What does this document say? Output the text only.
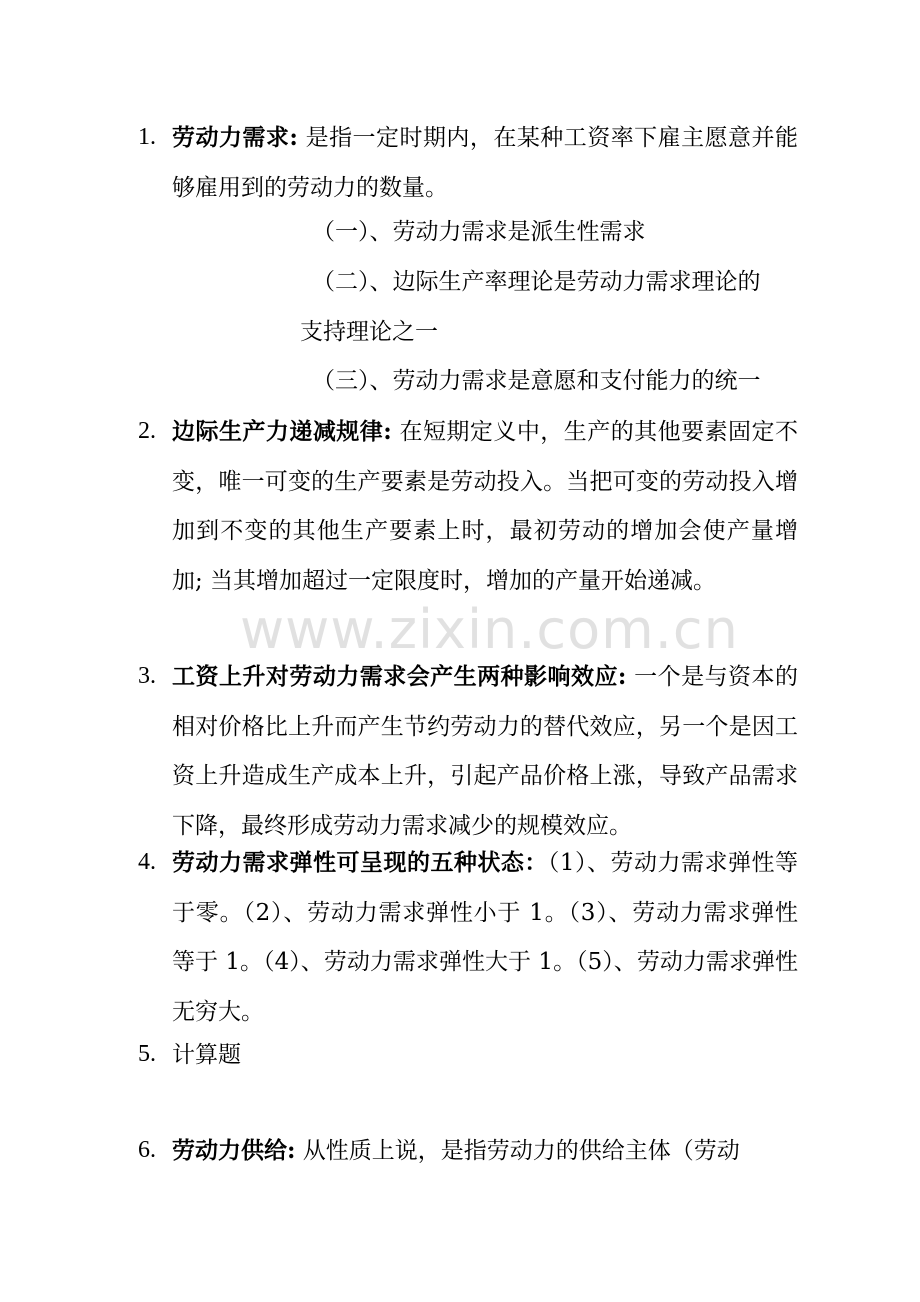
1. 劳动力需求: 是指一定时期内，在某种工资率下雇主愿意并能够雇用到的劳动力的数量。
（一）、劳动力需求是派生性需求
（二）、边际生产率理论是劳动力需求理论的支持理论之一
（三）、劳动力需求是意愿和支付能力的统一
2. 边际生产力递减规律: 在短期定义中，生产的其他要素固定不变，唯一可变的生产要素是劳动投入。当把可变的劳动投入增加到不变的其他生产要素上时，最初劳动的增加会使产量增加; 当其增加超过一定限度时，增加的产量开始递减。
3. 工资上升对劳动力需求会产生两种影响效应: 一个是与资本的相对价格比上升而产生节约劳动力的替代效应，另一个是因工资上升造成生产成本上升，引起产品价格上涨，导致产品需求下降，最终形成劳动力需求减少的规模效应。
4. 劳动力需求弹性可呈现的五种状态：（1）、劳动力需求弹性等于零。（2）、劳动力需求弹性小于 1。（3）、劳动力需求弹性等于 1。（4）、劳动力需求弹性大于 1。（5）、劳动力需求弹性无穷大。
5. 计算题
6. 劳动力供给: 从性质上说，是指劳动力的供给主体（劳动
www.zixin.com.cn
